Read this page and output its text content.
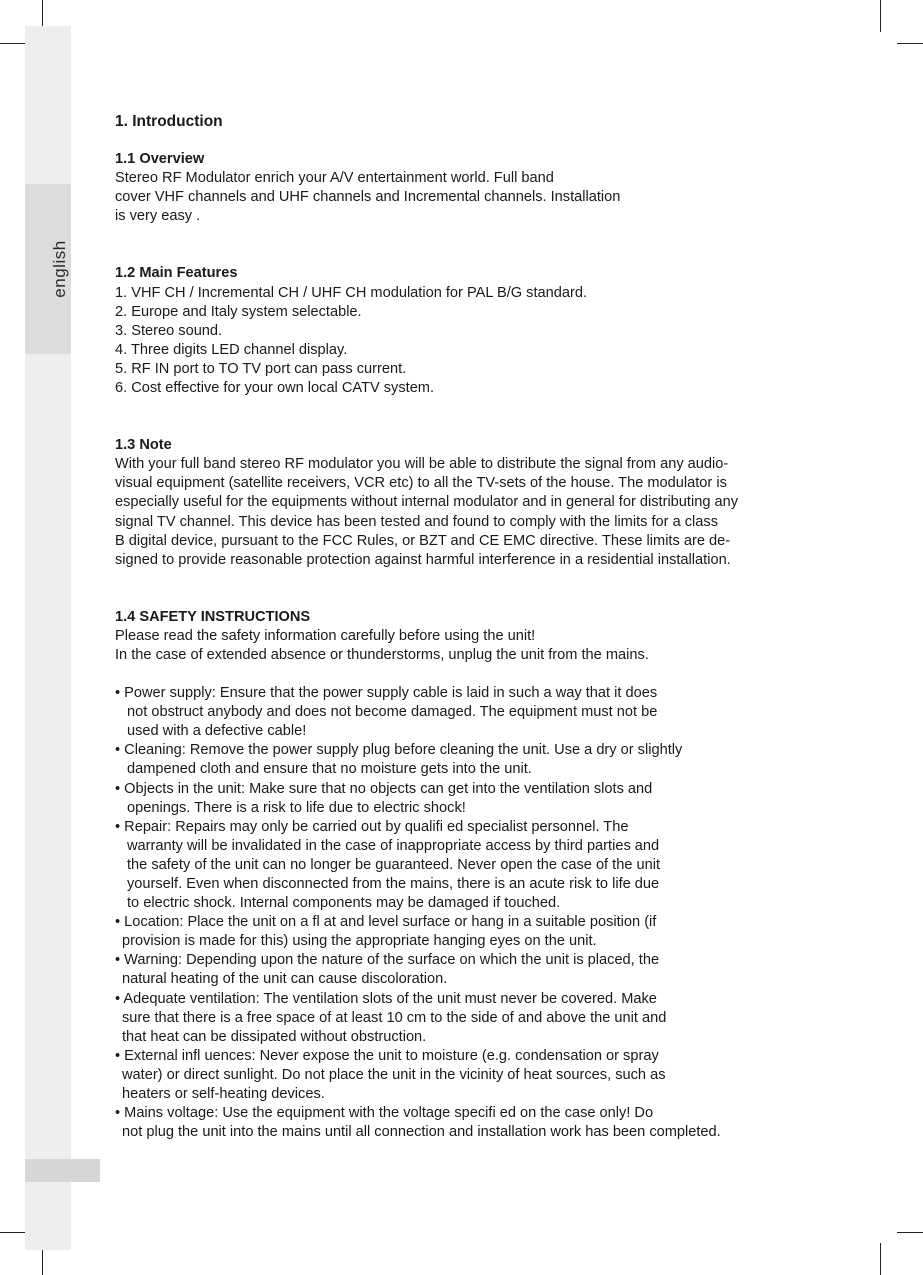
english
1. Introduction
1.1 Overview
Stereo RF Modulator enrich your A/V entertainment world. Full band
cover VHF channels and UHF channels and Incremental channels. Installation
is very easy .
1.2 Main Features
1. VHF CH / Incremental CH / UHF CH modulation for PAL B/G standard.
2. Europe and Italy system selectable.
3. Stereo sound.
4. Three digits LED channel display.
5. RF IN port to TO TV port can pass current.
6. Cost effective for your own local CATV system.
1.3 Note
With your full band stereo RF modulator you will be able to distribute the signal from any audio-
visual equipment (satellite receivers, VCR etc) to all the TV-sets of the house. The modulator is
especially useful for the equipments without internal modulator and in general for distributing any
signal TV channel. This device has been tested and found to comply with the limits for a class
B digital device, pursuant to the FCC Rules, or BZT and CE EMC directive. These limits are de-
signed to provide reasonable protection against harmful interference in a residential installation.
1.4 SAFETY INSTRUCTIONS
Please read the safety information carefully before using the unit!
In the case of extended absence or thunderstorms, unplug the unit from the mains.
• Power supply: Ensure that the power supply cable is laid in such a way that it does
not obstruct anybody and does not become damaged. The equipment must not be
used with a defective cable!
• Cleaning: Remove the power supply plug before cleaning the unit. Use a dry or slightly
dampened cloth and ensure that no moisture gets into the unit.
• Objects in the unit: Make sure that no objects can get into the ventilation slots and
openings. There is a risk to life due to electric shock!
• Repair: Repairs may only be carried out by qualifi ed specialist personnel. The
warranty will be invalidated in the case of inappropriate access by third parties and
the safety of the unit can no longer be guaranteed. Never open the case of the unit
yourself. Even when disconnected from the mains, there is an acute risk to life due
to electric shock. Internal components may be damaged if touched.
• Location: Place the unit on a fl at and level surface or hang in a suitable position (if
provision is made for this) using the appropriate hanging eyes on the unit.
• Warning: Depending upon the nature of the surface on which the unit is placed, the
natural heating of the unit can cause discoloration.
• Adequate ventilation: The ventilation slots of the unit must never be covered. Make
sure that there is a free space of at least 10 cm to the side of and above the unit and
that heat can be dissipated without obstruction.
• External infl uences: Never expose the unit to moisture (e.g. condensation or spray
water) or direct sunlight. Do not place the unit in the vicinity of heat sources, such as
heaters or self-heating devices.
• Mains voltage: Use the equipment with the voltage specifi ed on the case only! Do
not plug the unit into the mains until all connection and installation work has been completed.
